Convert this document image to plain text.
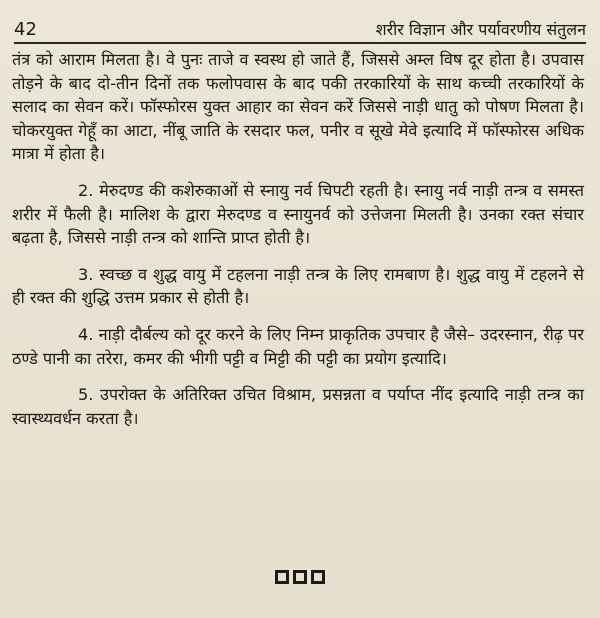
42	शरीर विज्ञान और पर्यावरणीय संतुलन

तंत्र को आराम मिलता है। वे पुनः ताजे व स्वस्थ हो जाते हैं, जिससे अम्ल विष दूर होता है। उपवास तोड़ने के बाद दो-तीन दिनों तक फलोपवास के बाद पकी तरकारियों के साथ कच्ची तरकारियों के सलाद का सेवन करें। फॉस्फोरस युक्त आहार का सेवन करें जिससे नाड़ी धातु को पोषण मिलता है। चोकरयुक्त गेहूँ का आटा, नींबू जाति के रसदार फल, पनीर व सूखे मेवे इत्यादि में फॉस्फोरस अधिक मात्रा में होता है।

2. मेरुदण्ड की कशेरुकाओं से स्नायु नर्व चिपटी रहती है। स्नायु नर्व नाड़ी तन्त्र व समस्त शरीर में फैली है। मालिश के द्वारा मेरुदण्ड व स्नायुनर्व को उत्तेजना मिलती है। उनका रक्त संचार बढ़ता है, जिससे नाड़ी तन्त्र को शान्ति प्राप्त होती है।

3. स्वच्छ व शुद्ध वायु में टहलना नाड़ी तन्त्र के लिए रामबाण है। शुद्ध वायु में टहलने से ही रक्त की शुद्धि उत्तम प्रकार से होती है।

4. नाड़ी दौर्बल्य को दूर करने के लिए निम्न प्राकृतिक उपचार है जैसे– उदरस्नान, रीढ़ पर ठण्डे पानी का तरेरा, कमर की भीगी पट्टी व मिट्टी की पट्टी का प्रयोग इत्यादि।

5. उपरोक्त के अतिरिक्त उचित विश्राम, प्रसन्नता व पर्याप्त नींद इत्यादि नाड़ी तन्त्र का स्वास्थ्यवर्धन करता है।
